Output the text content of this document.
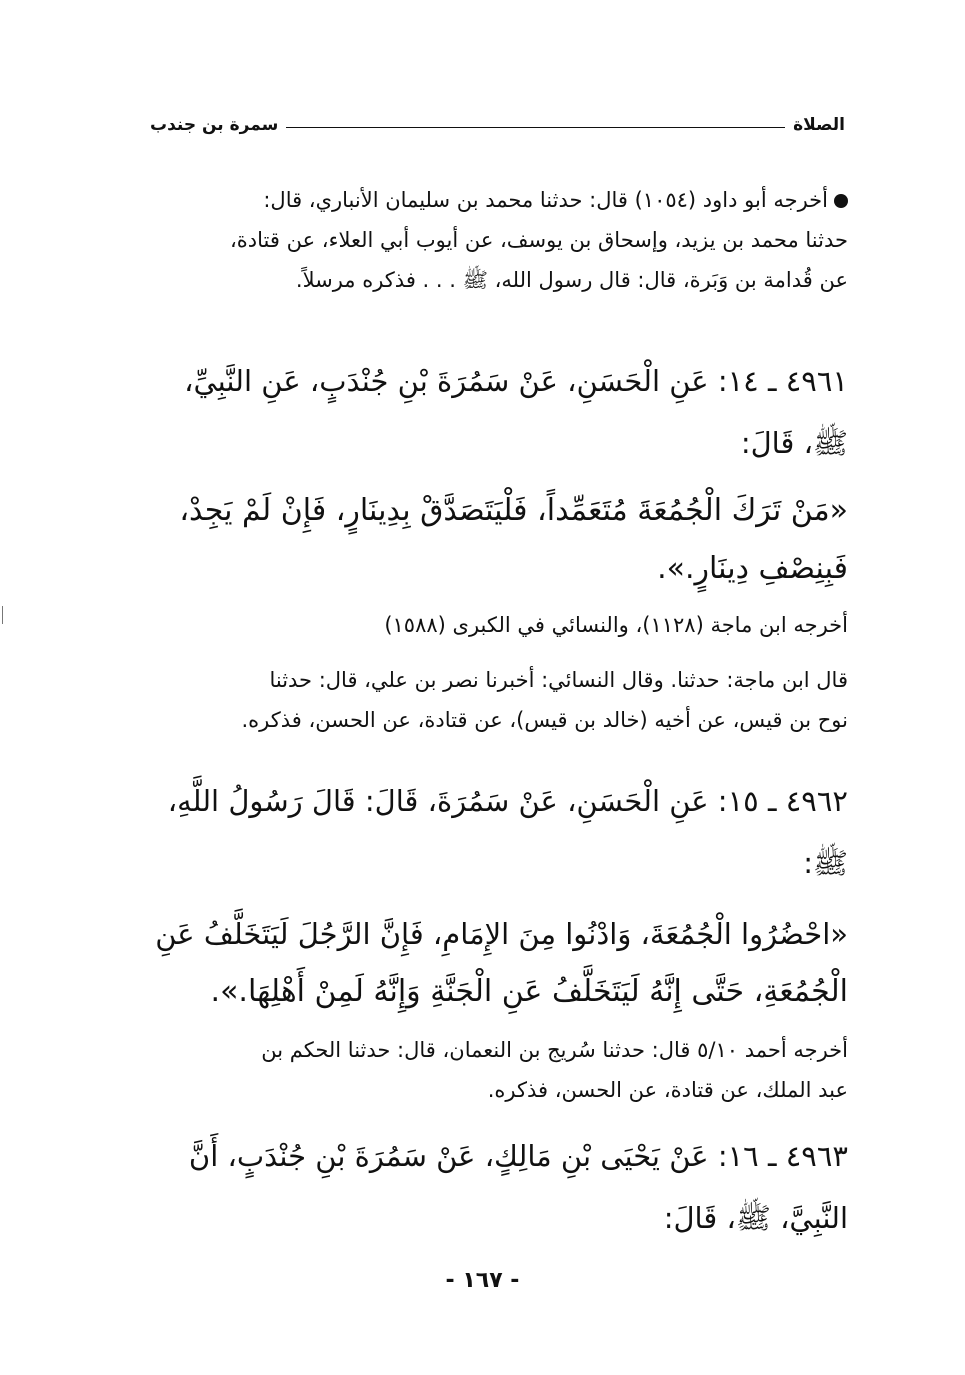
الصلاة
سمرة بن جندب
أخرجه أبو داود (١٠٥٤) قال: حدثنا محمد بن سليمان الأنباري، قال:
حدثنا محمد بن يزيد، وإسحاق بن يوسف، عن أيوب أبي العلاء، عن قتادة،
عن قُدامة بن وَبَرة، قال: قال رسول الله، ﷺ . . . فذكره مرسلاً.
٤٩٦١ ـ ١٤: عَنِ الْحَسَنِ، عَنْ سَمُرَةَ بْنِ جُنْدَبٍ، عَنِ النَّبِيِّ،
ﷺ، قَالَ:
«مَنْ تَرَكَ الْجُمُعَةَ مُتَعَمِّداً، فَلْيَتَصَدَّقْ بِدِينَارٍ، فَإِنْ لَمْ يَجِدْ،
فَبِنِصْفِ دِينَارٍ.».
أخرجه ابن ماجة (١١٢٨)، والنسائي في الكبرى (١٥٨٨)
قال ابن ماجة: حدثنا. وقال النسائي: أخبرنا نصر بن علي، قال: حدثنا
نوح بن قيس، عن أخيه (خالد بن قيس)، عن قتادة، عن الحسن، فذكره.
٤٩٦٢ ـ ١٥: عَنِ الْحَسَنِ، عَنْ سَمُرَةَ، قَالَ: قَالَ رَسُولُ اللَّهِ،
ﷺ:
«احْضُرُوا الْجُمُعَةَ، وَادْنُوا مِنَ الإِمَامِ، فَإِنَّ الرَّجُلَ لَيَتَخَلَّفُ عَنِ
الْجُمُعَةِ، حَتَّى إِنَّهُ لَيَتَخَلَّفُ عَنِ الْجَنَّةِ وَإِنَّهُ لَمِنْ أَهْلِهَا.».
أخرجه أحمد ٥/١٠ قال: حدثنا سُريج بن النعمان، قال: حدثنا الحكم بن
عبد الملك، عن قتادة، عن الحسن، فذكره.
٤٩٦٣ ـ ١٦: عَنْ يَحْيَى بْنِ مَالِكٍ، عَنْ سَمُرَةَ بْنِ جُنْدَبٍ، أَنَّ
النَّبِيَّ، ﷺ، قَالَ:
- ١٦٧ -
